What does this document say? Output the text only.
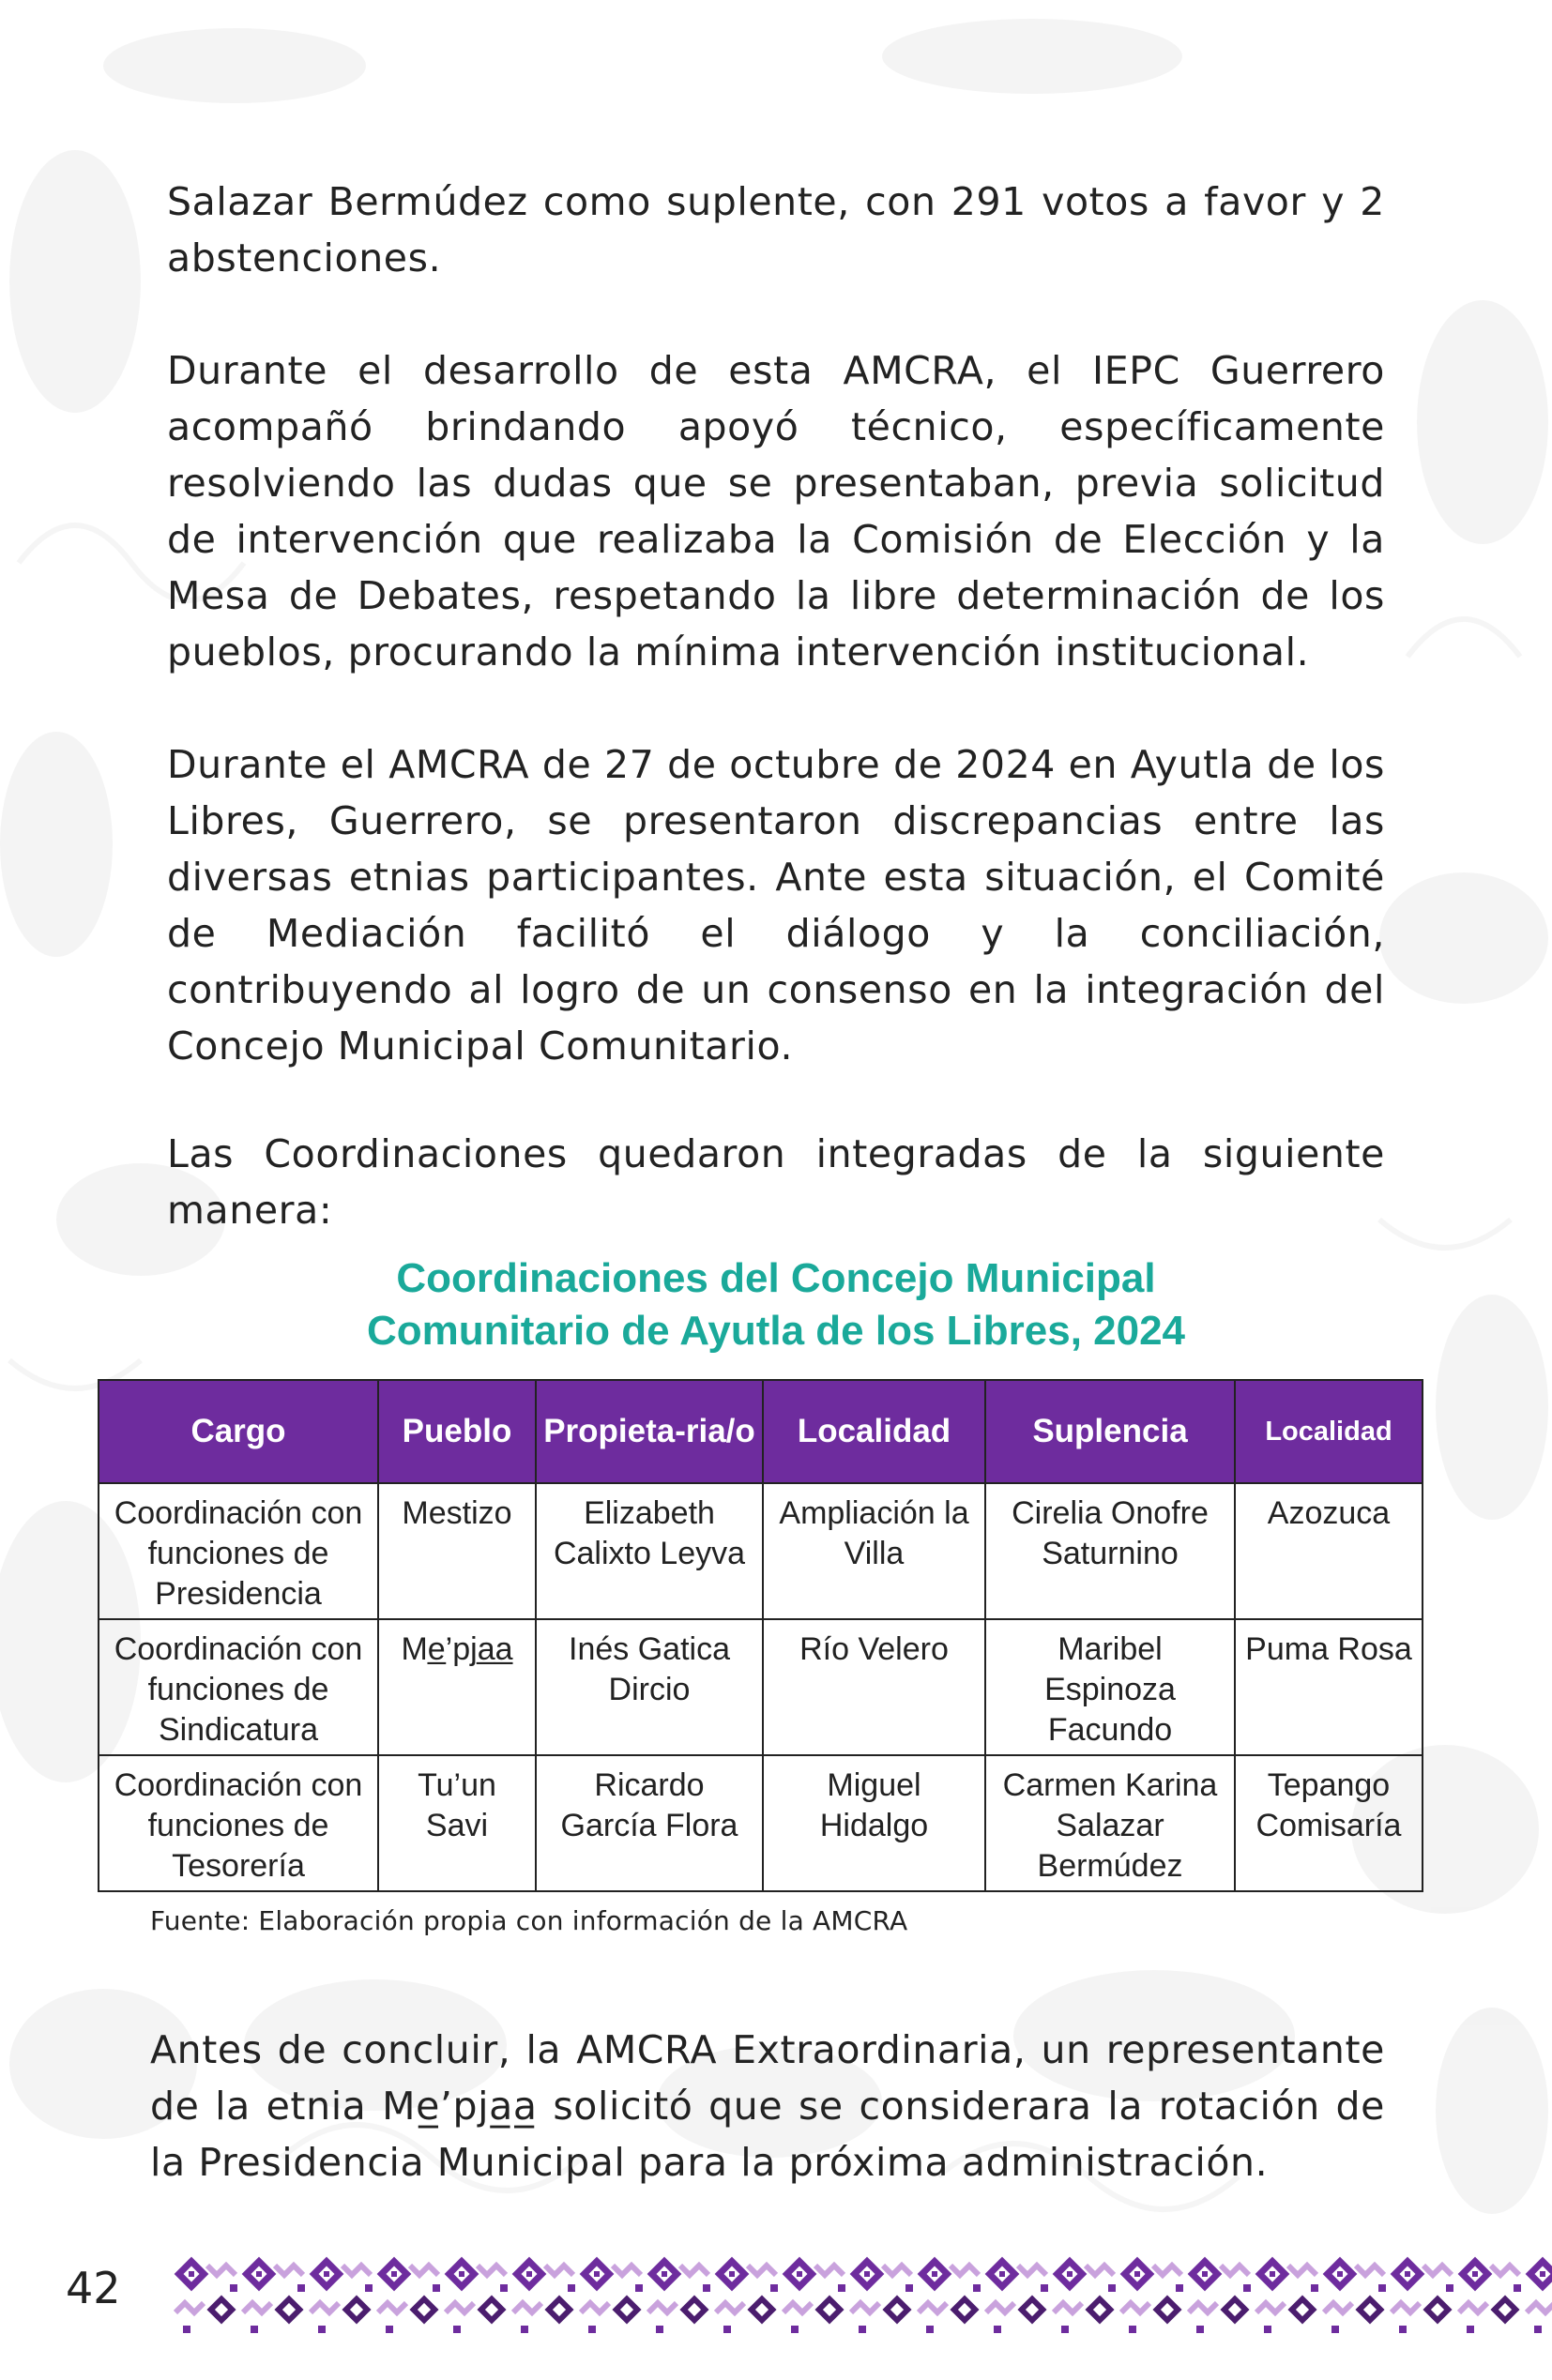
Salazar Bermúdez como suplente, con 291 votos a favor y 2 abstenciones.

Durante el desarrollo de esta AMCRA, el IEPC Guerrero acompañó brindando apoyó técnico, específicamente resolviendo las dudas que se presentaban, previa solicitud de intervención que realizaba la Comisión de Elección y la Mesa de Debates, respetando la libre determinación de los pueblos, procurando la mínima intervención institucional.

Durante el AMCRA de 27 de octubre de 2024 en Ayutla de los Libres, Guerrero, se presentaron discrepancias entre las diversas etnias participantes. Ante esta situación, el Comité de Mediación facilitó el diálogo y la conciliación, contribuyendo al logro de un consenso en la integración del Concejo Municipal Comunitario.

Las Coordinaciones quedaron integradas de la siguiente manera:

Coordinaciones del Concejo Municipal
Comunitario de Ayutla de los Libres, 2024
Cargo	Pueblo	Propieta-ria/o	Localidad	Suplencia	Localidad
Coordinación con funciones de Presidencia	Mestizo	Elizabeth Calixto Leyva	Ampliación la Villa	Cirelia Onofre Saturnino	Azozuca
Coordinación con funciones de Sindicatura	Me̲’pja̲a̲	Inés Gatica Dircio	Río Velero	Maribel Espinoza Facundo	Puma Rosa
Coordinación con funciones de Tesorería	Tu’un Savi	Ricardo García Flora	Miguel Hidalgo	Carmen Karina Salazar Bermúdez	Tepango Comisaría
Fuente: Elaboración propia con información de la AMCRA

Antes de concluir, la AMCRA Extraordinaria, un representante de la etnia Me̲’pja̲a̲ solicitó que se considerara la rotación de la Presidencia Municipal para la próxima administración.

42
